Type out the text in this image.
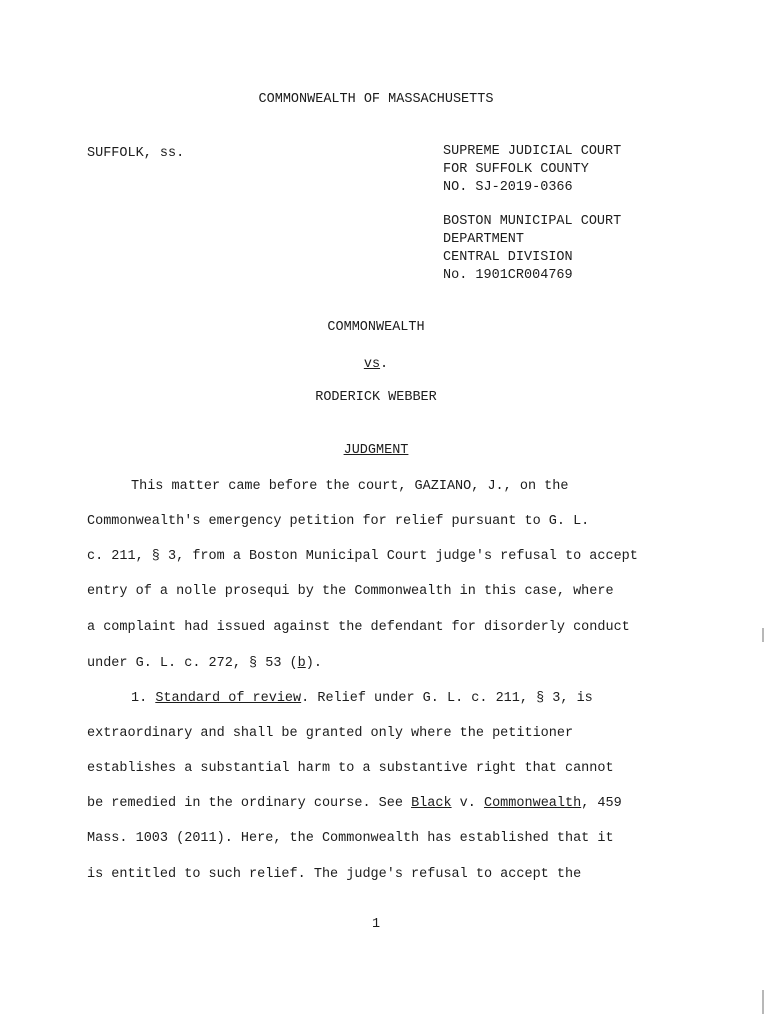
COMMONWEALTH OF MASSACHUSETTS
SUFFOLK, ss.	SUPREME JUDICIAL COURT
FOR SUFFOLK COUNTY
NO. SJ-2019-0366
BOSTON MUNICIPAL COURT
DEPARTMENT
CENTRAL DIVISION
No. 1901CR004769
COMMONWEALTH
vs.
RODERICK WEBBER
JUDGMENT
This matter came before the court, GAZIANO, J., on the
Commonwealth's emergency petition for relief pursuant to G. L.
c. 211, § 3, from a Boston Municipal Court judge's refusal to accept
entry of a nolle prosequi by the Commonwealth in this case, where
a complaint had issued against the defendant for disorderly conduct
under G. L. c. 272, § 53 (b).
1. Standard of review. Relief under G. L. c. 211, § 3, is
extraordinary and shall be granted only where the petitioner
establishes a substantial harm to a substantive right that cannot
be remedied in the ordinary course. See Black v. Commonwealth, 459
Mass. 1003 (2011). Here, the Commonwealth has established that it
is entitled to such relief. The judge's refusal to accept the
1
